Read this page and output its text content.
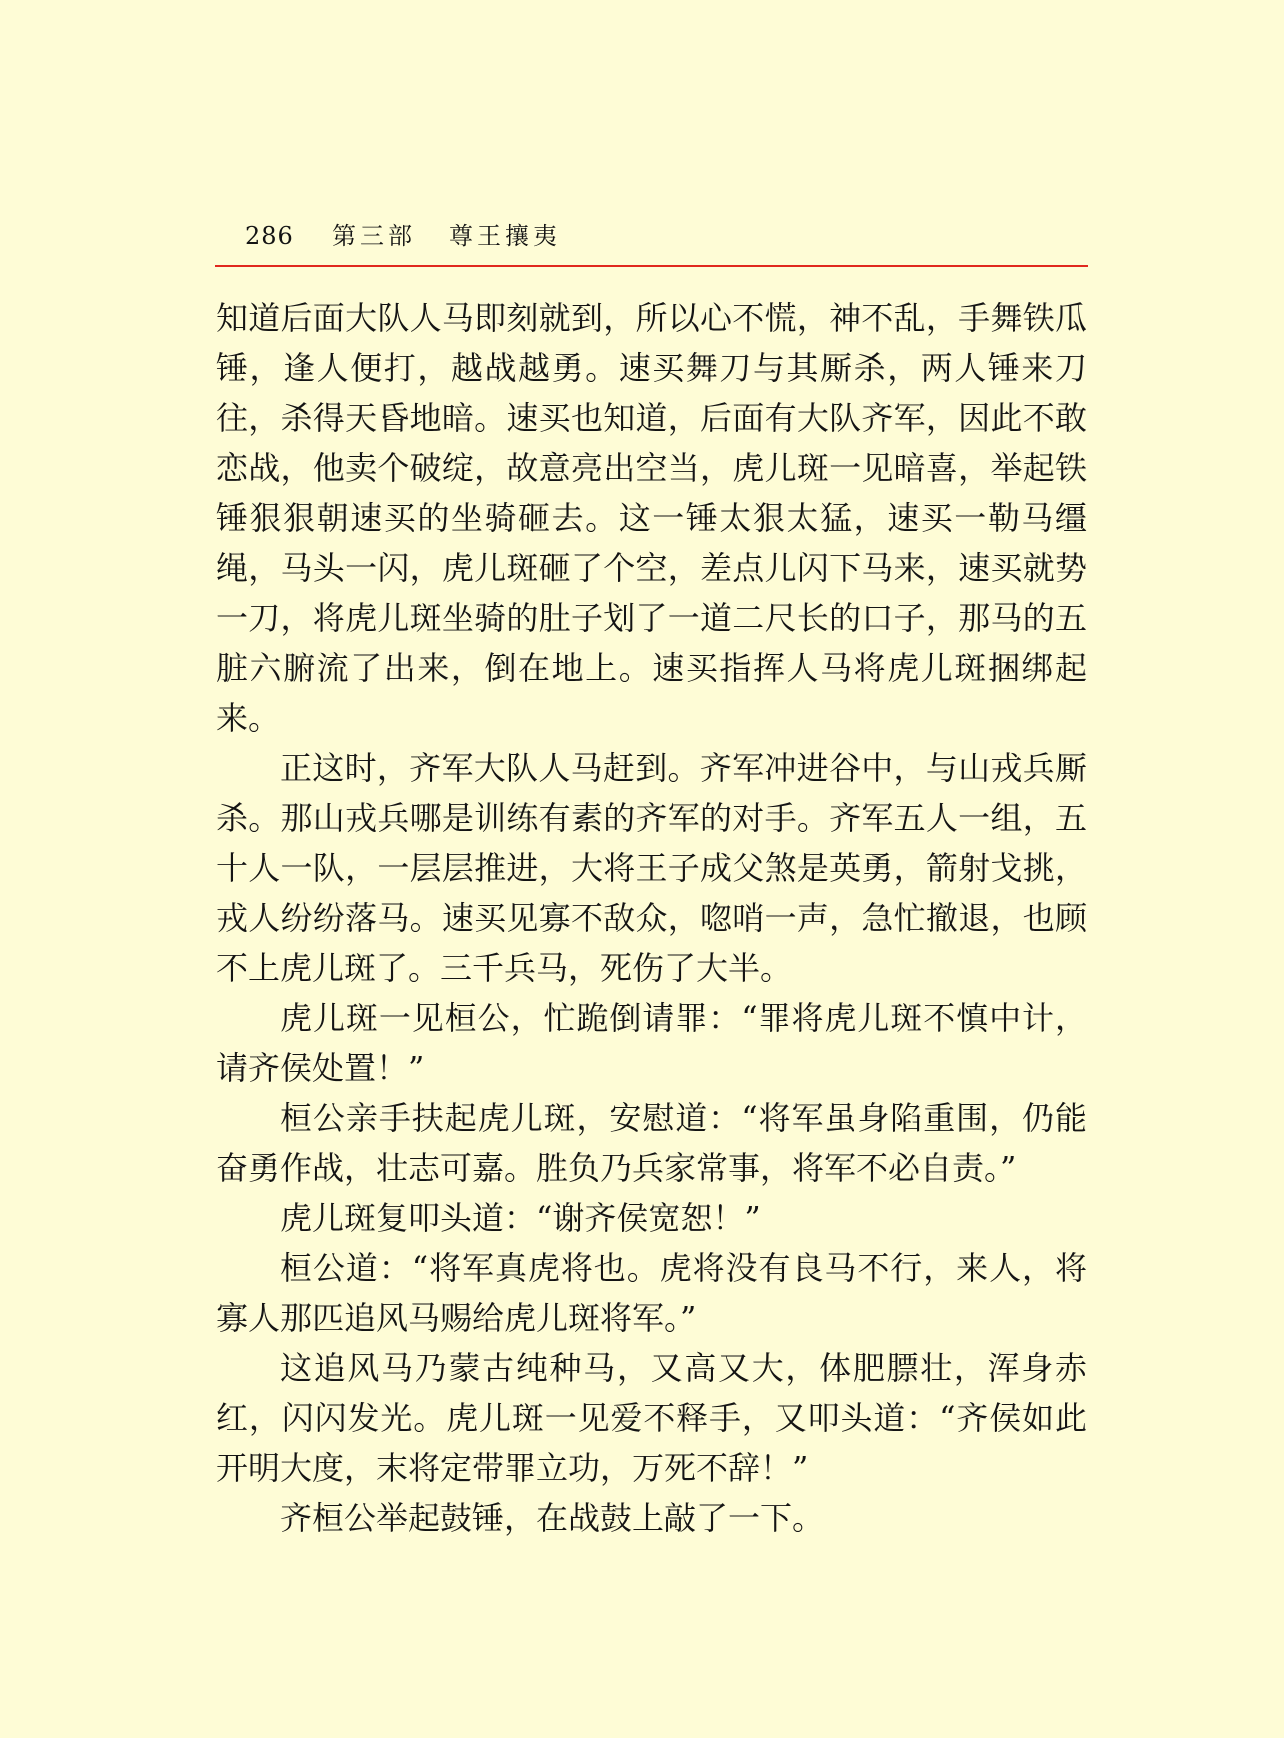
286 第三部 尊王攘夷

知道后面大队人马即刻就到，所以心不慌，神不乱，手舞铁瓜锤，逢人便打，越战越勇。速买舞刀与其厮杀，两人锤来刀往，杀得天昏地暗。速买也知道，后面有大队齐军，因此不敢恋战，他卖个破绽，故意亮出空当，虎儿斑一见暗喜，举起铁锤狠狠朝速买的坐骑砸去。这一锤太狠太猛，速买一勒马缰绳，马头一闪，虎儿斑砸了个空，差点儿闪下马来，速买就势一刀，将虎儿斑坐骑的肚子划了一道二尺长的口子，那马的五脏六腑流了出来，倒在地上。速买指挥人马将虎儿斑捆绑起来。

正这时，齐军大队人马赶到。齐军冲进谷中，与山戎兵厮杀。那山戎兵哪是训练有素的齐军的对手。齐军五人一组，五十人一队，一层层推进，大将王子成父煞是英勇，箭射戈挑，戎人纷纷落马。速买见寡不敌众，唿哨一声，急忙撤退，也顾不上虎儿斑了。三千兵马，死伤了大半。

虎儿斑一见桓公，忙跪倒请罪：“罪将虎儿斑不慎中计，请齐侯处置！”

桓公亲手扶起虎儿斑，安慰道：“将军虽身陷重围，仍能奋勇作战，壮志可嘉。胜负乃兵家常事，将军不必自责。”

虎儿斑复叩头道：“谢齐侯宽恕！”

桓公道：“将军真虎将也。虎将没有良马不行，来人，将寡人那匹追风马赐给虎儿斑将军。”

这追风马乃蒙古纯种马，又高又大，体肥膘壮，浑身赤红，闪闪发光。虎儿斑一见爱不释手，又叩头道：“齐侯如此开明大度，末将定带罪立功，万死不辞！”

齐桓公举起鼓锤，在战鼓上敲了一下。
